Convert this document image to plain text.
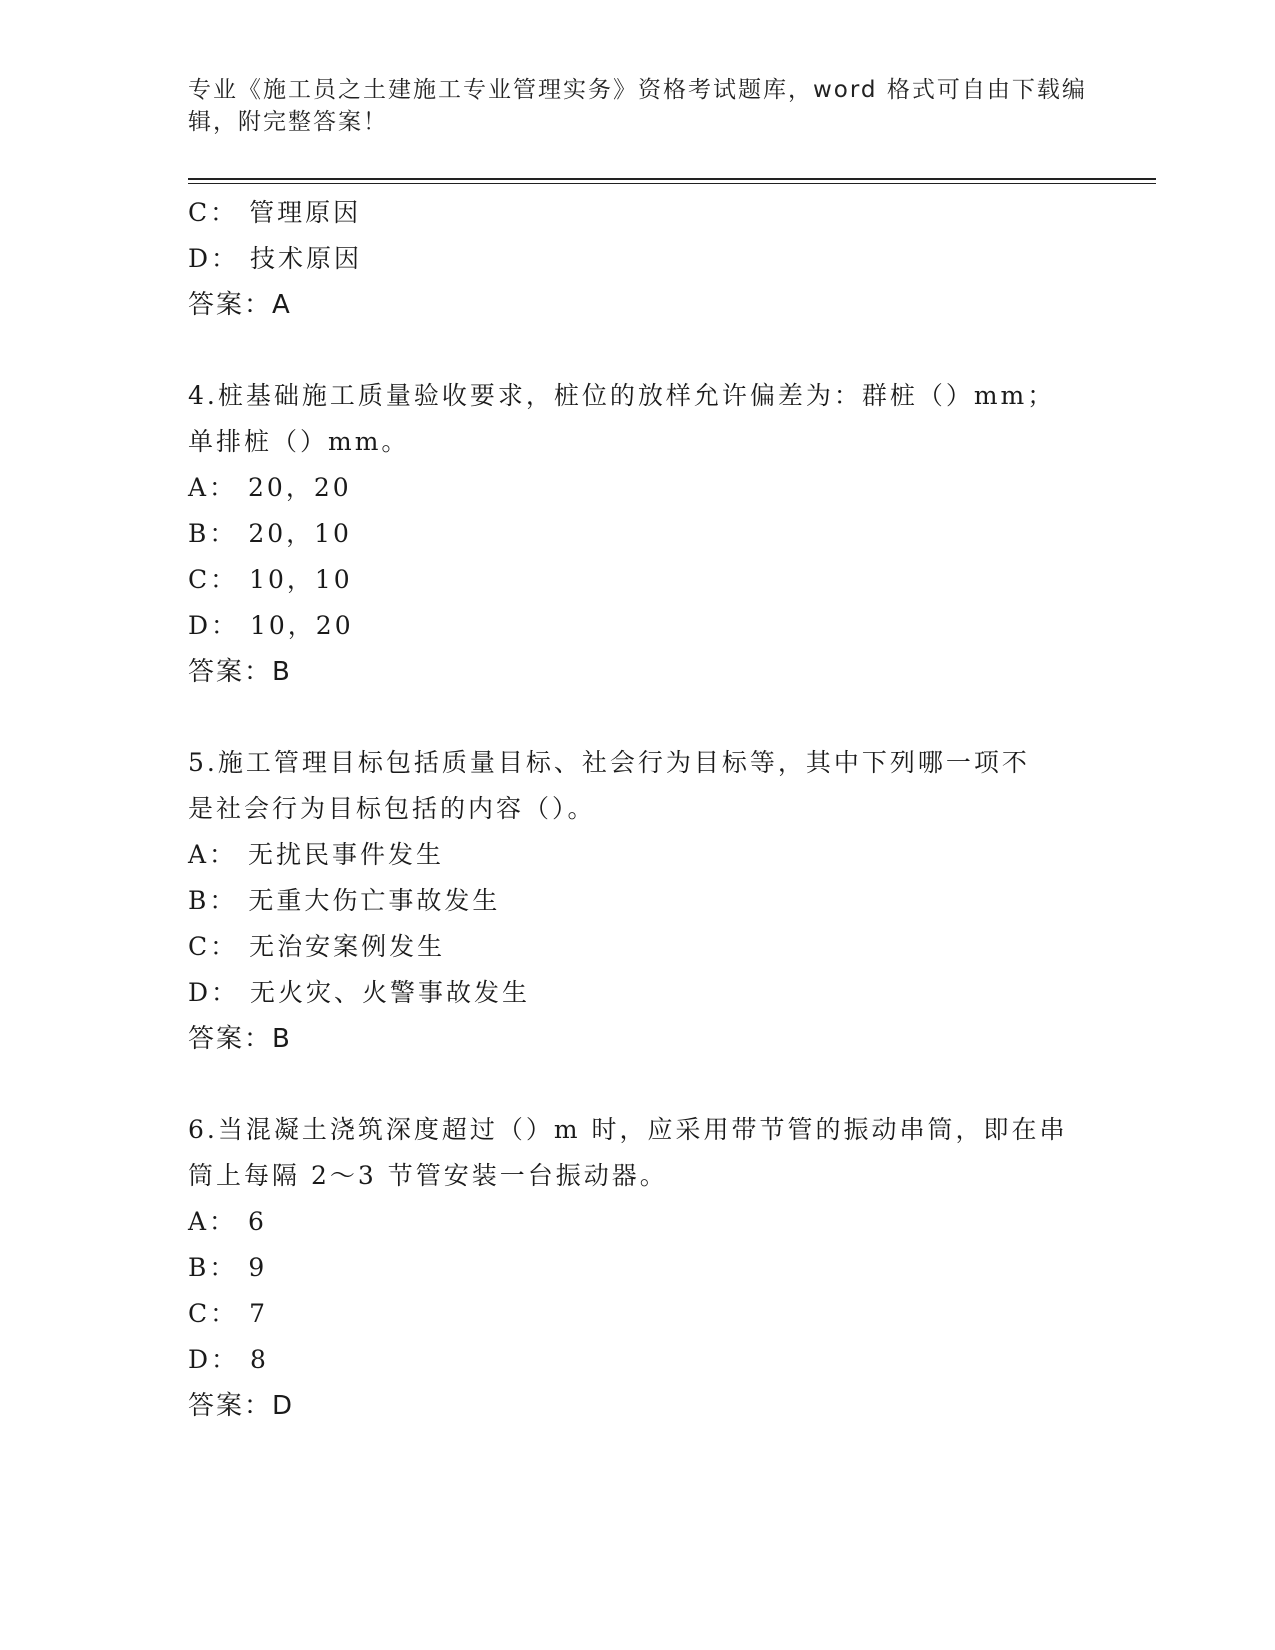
专业《施工员之土建施工专业管理实务》资格考试题库，word 格式可自由下载编
辑，附完整答案！
C： 管理原因
D： 技术原因
答案：A
4.桩基础施工质量验收要求，桩位的放样允许偏差为：群桩（）mm；
单排桩（）mm。
A： 20，20
B： 20，10
C： 10，10
D： 10，20
答案：B
5.施工管理目标包括质量目标、社会行为目标等，其中下列哪一项不
是社会行为目标包括的内容（）。
A： 无扰民事件发生
B： 无重大伤亡事故发生
C： 无治安案例发生
D： 无火灾、火警事故发生
答案：B
6.当混凝土浇筑深度超过（）m 时，应采用带节管的振动串筒，即在串
筒上每隔 2～3 节管安装一台振动器。
A： 6
B： 9
C： 7
D： 8
答案：D
